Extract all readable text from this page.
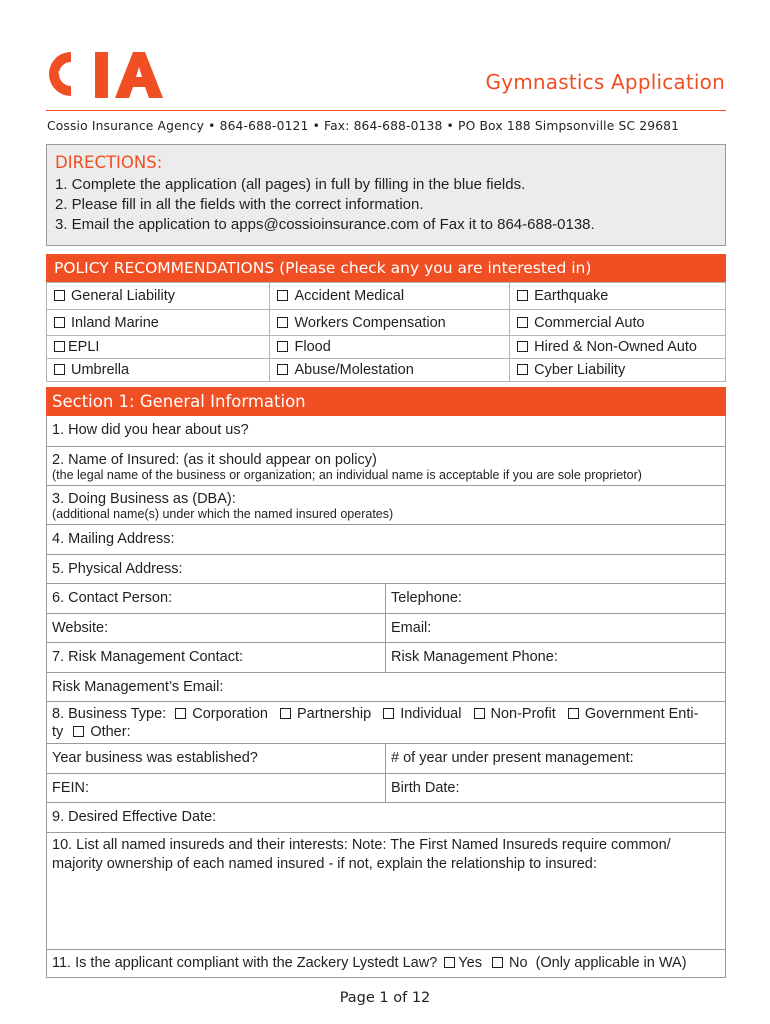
THE	Gymnastics Application
Cossio Insurance Agency • 864-688-0121 • Fax: 864-688-0138 • PO Box 188 Simpsonville SC 29681
DIRECTIONS:
1. Complete the application (all pages) in full by filling in the blue fields.
2. Please fill in all the fields with the correct information.
3. Email the application to apps@cossioinsurance.com of Fax it to 864-688-0138.
POLICY RECOMMENDATIONS (Please check any you are interested in)
General Liability	Accident Medical	Earthquake
Inland Marine	Workers Compensation	Commercial Auto
EPLI	Flood	Hired & Non-Owned Auto
Umbrella	Abuse/Molestation	Cyber Liability
Section 1: General Information
1. How did you hear about us?
2. Name of Insured: (as it should appear on policy)
(the legal name of the business or organization; an individual name is acceptable if you are sole proprietor)
3. Doing Business as (DBA):
(additional name(s) under which the named insured operates)
4. Mailing Address:
5. Physical Address:
6. Contact Person:	Telephone:
Website:	Email:
7. Risk Management Contact:	Risk Management Phone:
Risk Management’s Email:
8. Business Type: Corporation Partnership Individual Non-Profit Government Enti-
ty Other:
Year business was established?	# of year under present management:
FEIN:	Birth Date:
9. Desired Effective Date:
10. List all named insureds and their interests: Note: The First Named Insureds require common/
majority ownership of each named insured - if not, explain the relationship to insured:
11. Is the applicant compliant with the Zackery Lystedt Law? Yes No (Only applicable in WA)
Page 1 of 12
